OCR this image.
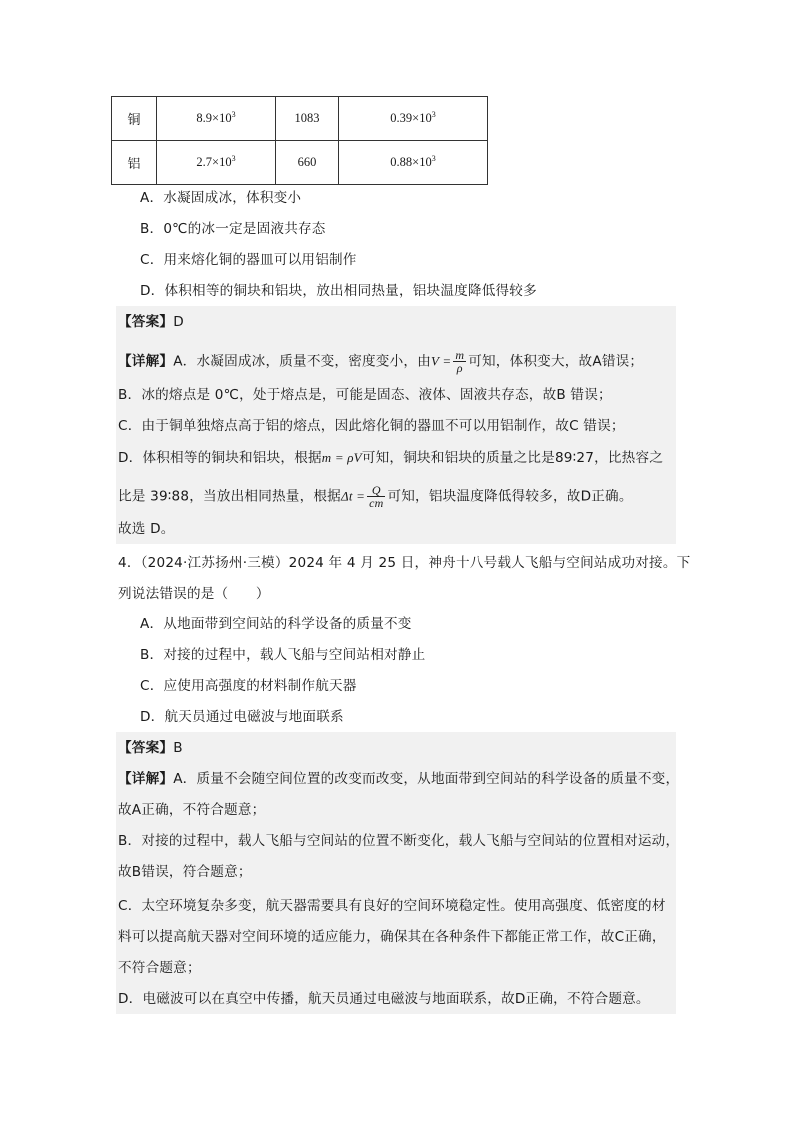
铜	$8.9\times 10^3$	1083	$0.39\times 10^3$
铝	$2.7\times 10^3$	660	$0.88\times 10^3$
A．水凝固成冰，体积变小
B．0℃的冰一定是固液共存态
C．用来熔化铜的器皿可以用铝制作
D．体积相等的铜块和铝块，放出相同热量，铝块温度降低得较多
【答案】D
【详解】A．水凝固成冰，质量不变，密度变小，由$V = \frac{m}{\rho}$ 可知，体积变大，故A错误；
B．冰的熔点是 0℃，处于熔点是，可能是固态、液体、固液共存态，故B 错误；
C．由于铜单独熔点高于铝的熔点，因此熔化铜的器皿不可以用铝制作，故C 错误；
D．体积相等的铜块和铝块，根据m = ρV可知，铜块和铝块的质量之比是89∶27，比热容之
比是 39∶88，当放出相同热量，根据$\Delta t = \frac{Q}{cm}$ 可知，铝块温度降低得较多，故D正确。
故选 D。
4．（2024·江苏扬州·三模）2024 年 4 月 25 日，神舟十八号载人飞船与空间站成功对接。下
列说法错误的是（　　）
A．从地面带到空间站的科学设备的质量不变
B．对接的过程中，载人飞船与空间站相对静止
C．应使用高强度的材料制作航天器
D．航天员通过电磁波与地面联系
【答案】B
【详解】A．质量不会随空间位置的改变而改变，从地面带到空间站的科学设备的质量不变，
故A正确，不符合题意；
B．对接的过程中，载人飞船与空间站的位置不断变化，载人飞船与空间站的位置相对运动，
故B错误，符合题意；
C．太空环境复杂多变，航天器需要具有良好的空间环境稳定性。使用高强度、低密度的材
料可以提高航天器对空间环境的适应能力，确保其在各种条件下都能正常工作，故C正确，
不符合题意；
D．电磁波可以在真空中传播，航天员通过电磁波与地面联系，故D正确，不符合题意。
